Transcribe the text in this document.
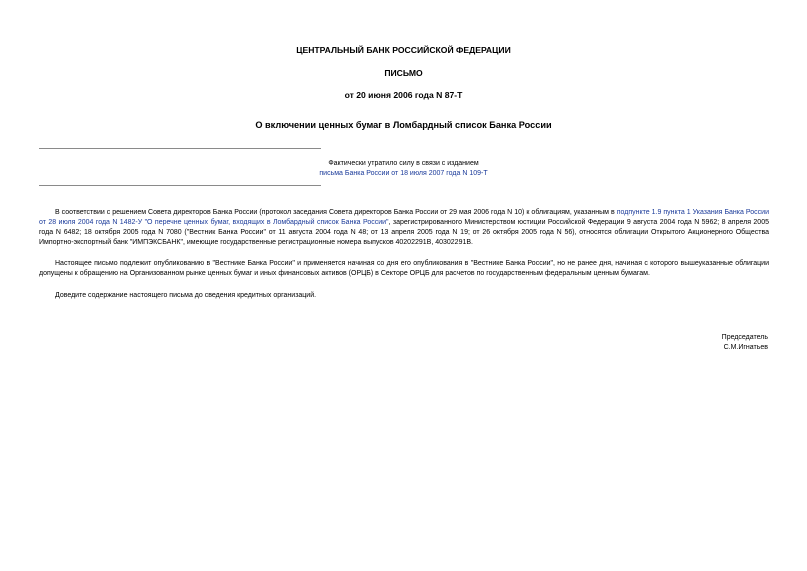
ЦЕНТРАЛЬНЫЙ БАНК РОССИЙСКОЙ ФЕДЕРАЦИИ
ПИСЬМО
от 20 июня 2006 года N 87-Т
О включении ценных бумаг в Ломбардный список Банка России
Фактически утратило силу в связи с изданием
письма Банка России от 18 июля 2007 года N 109-Т
В соответствии с решением Совета директоров Банка России (протокол заседания Совета директоров Банка России от 29 мая 2006 года N 10) к облигациям, указанным в подпункте 1.9 пункта 1 Указания Банка России от 28 июля 2004 года N 1482-У "О перечне ценных бумаг, входящих в Ломбардный список Банка России", зарегистрированного Министерством юстиции Российской Федерации 9 августа 2004 года N 5962; 8 апреля 2005 года N 6482; 18 октября 2005 года N 7080 ("Вестник Банка России" от 11 августа 2004 года N 48; от 13 апреля 2005 года N 19; от 26 октября 2005 года N 56), относятся облигации Открытого Акционерного Общества Импортно-экспортный банк "ИМПЭКСБАНК", имеющие государственные регистрационные номера выпусков 40202291В, 40302291В.
Настоящее письмо подлежит опубликованию в "Вестнике Банка России" и применяется начиная со дня его опубликования в "Вестнике Банка России", но не ранее дня, начиная с которого вышеуказанные облигации допущены к обращению на Организованном рынке ценных бумаг и иных финансовых активов (ОРЦБ) в Секторе ОРЦБ для расчетов по государственным федеральным ценным бумагам.
Доведите содержание настоящего письма до сведения кредитных организаций.
Председатель
С.М.Игнатьев
